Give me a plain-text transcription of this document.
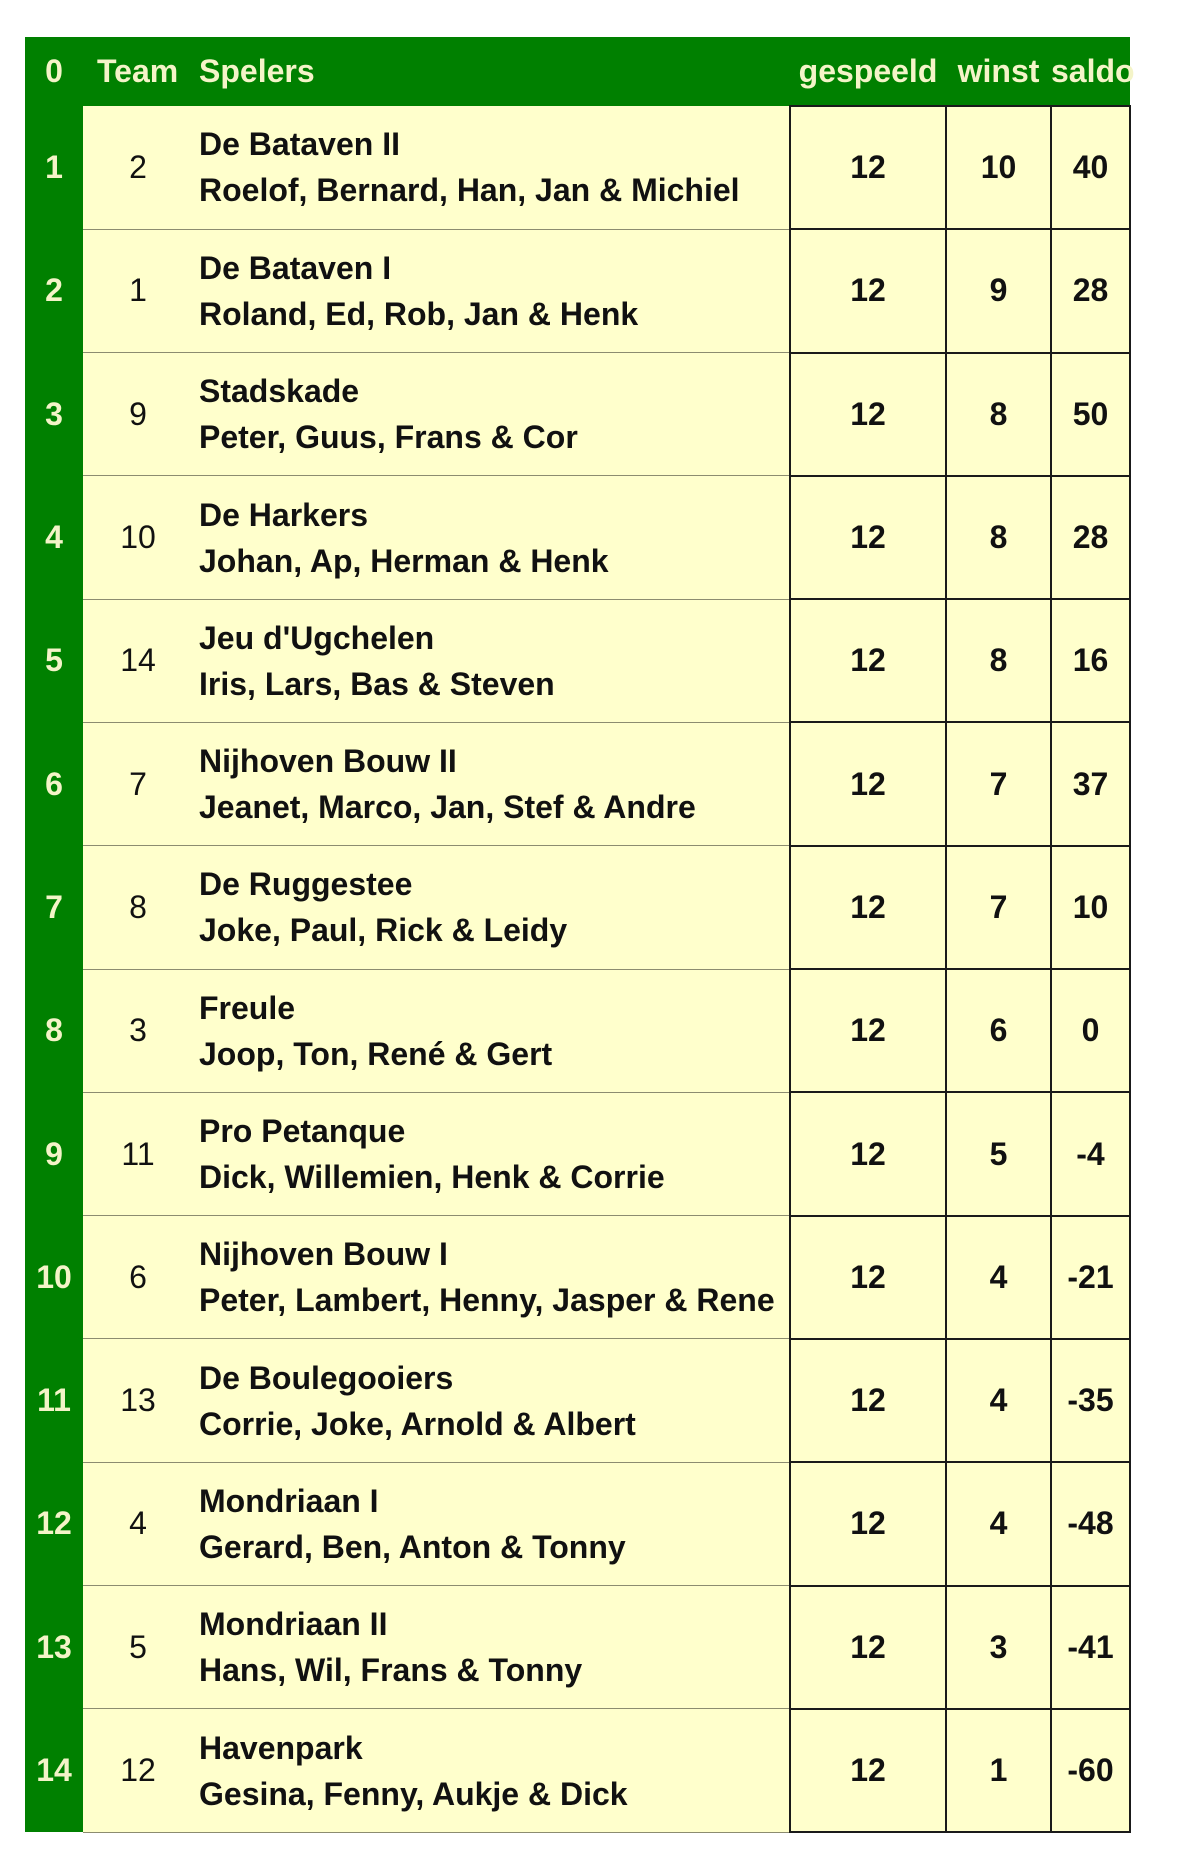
0	Team	Spelers	gespeeld	winst	saldo
1	2	De Bataven II
Roelof, Bernard, Han, Jan & Michiel	12	10	40
2	1	De Bataven I
Roland, Ed, Rob, Jan & Henk	12	9	28
3	9	Stadskade
Peter, Guus, Frans & Cor	12	8	50
4	10	De Harkers
Johan, Ap, Herman & Henk	12	8	28
5	14	Jeu d'Ugchelen
Iris, Lars, Bas & Steven	12	8	16
6	7	Nijhoven Bouw II
Jeanet, Marco, Jan, Stef & Andre	12	7	37
7	8	De Ruggestee
Joke, Paul, Rick & Leidy	12	7	10
8	3	Freule
Joop, Ton, René & Gert	12	6	0
9	11	Pro Petanque
Dick, Willemien, Henk & Corrie	12	5	-4
10	6	Nijhoven Bouw I
Peter, Lambert, Henny, Jasper & Rene	12	4	-21
11	13	De Boulegooiers
Corrie, Joke, Arnold & Albert	12	4	-35
12	4	Mondriaan I
Gerard, Ben, Anton & Tonny	12	4	-48
13	5	Mondriaan II
Hans, Wil, Frans & Tonny	12	3	-41
14	12	Havenpark
Gesina, Fenny, Aukje & Dick	12	1	-60
